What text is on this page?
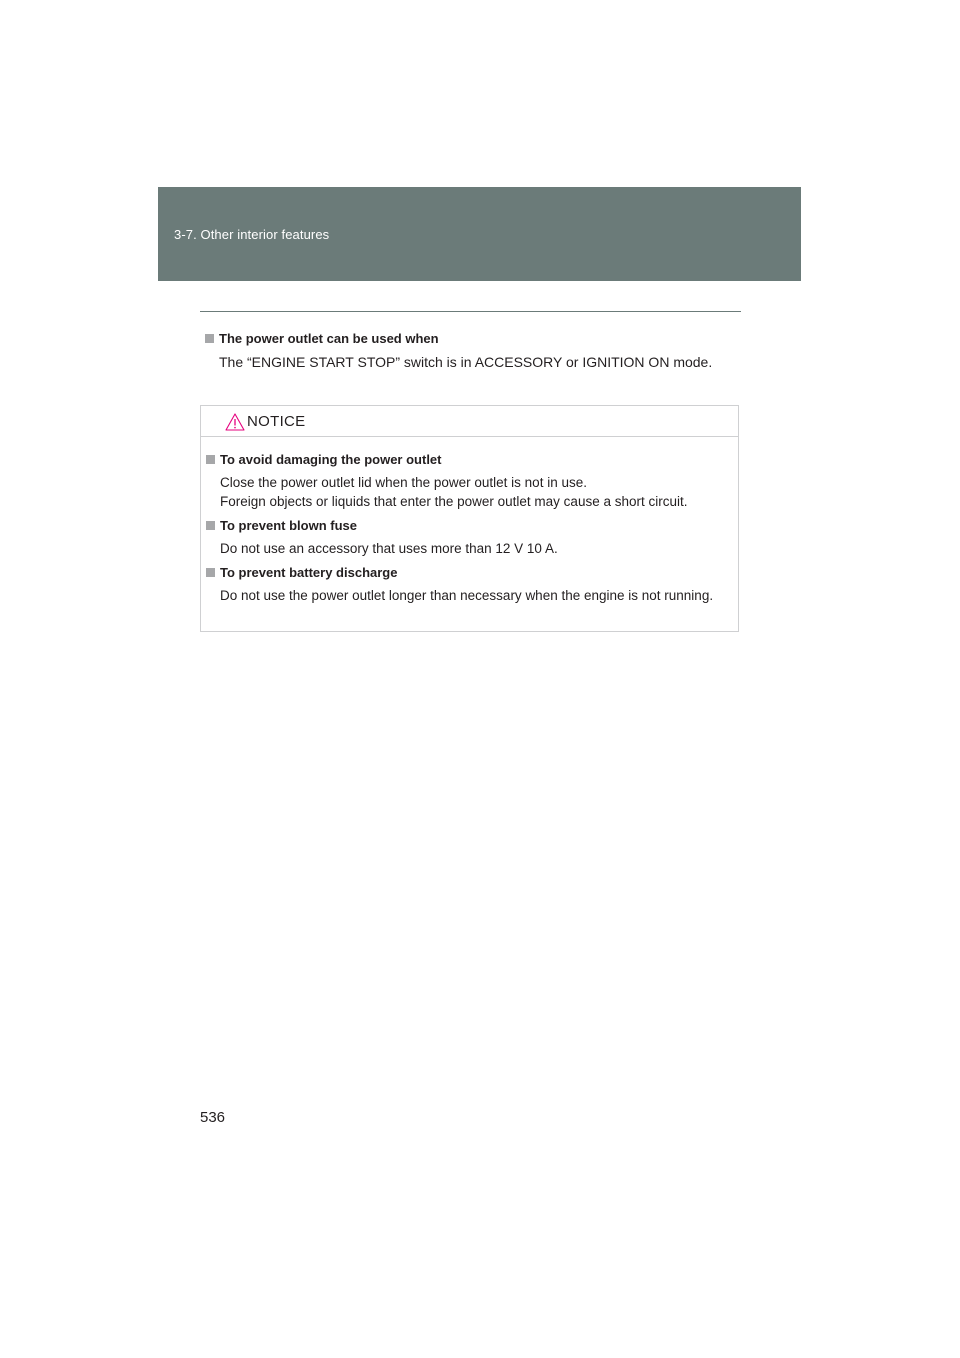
3-7. Other interior features
The power outlet can be used when
The “ENGINE START STOP” switch is in ACCESSORY or IGNITION ON mode.
NOTICE
To avoid damaging the power outlet
Close the power outlet lid when the power outlet is not in use.
Foreign objects or liquids that enter the power outlet may cause a short circuit.
To prevent blown fuse
Do not use an accessory that uses more than 12 V 10 A.
To prevent battery discharge
Do not use the power outlet longer than necessary when the engine is not running.
536
